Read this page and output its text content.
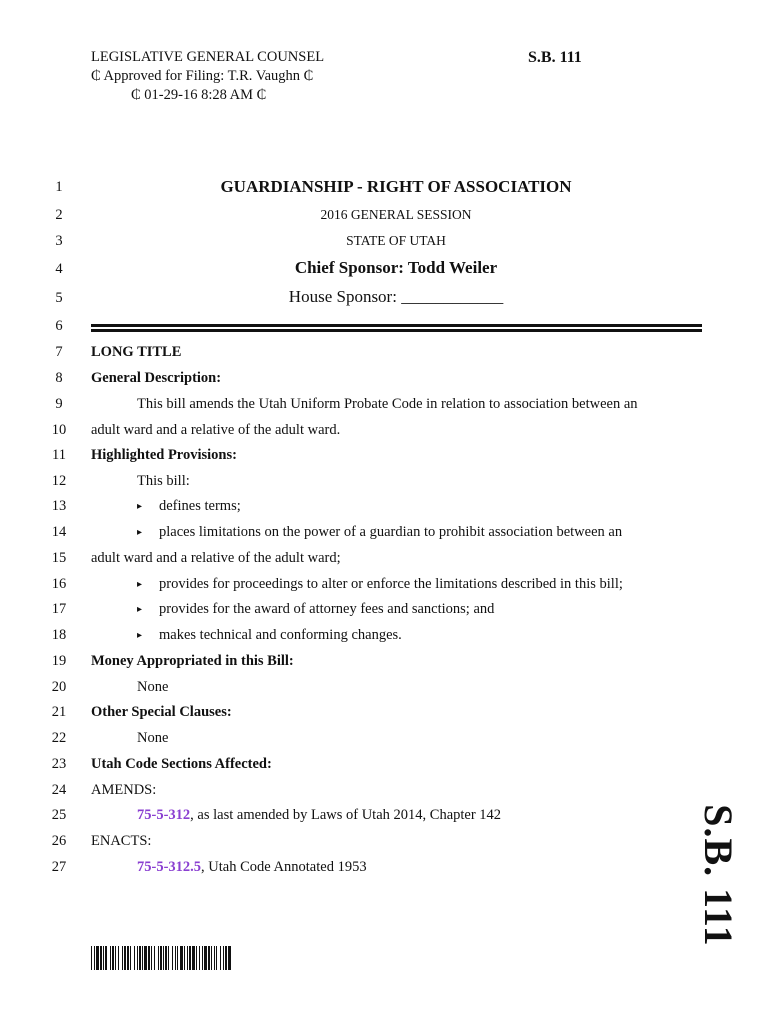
LEGISLATIVE GENERAL COUNSEL
₵ Approved for Filing: T.R. Vaughn ₵
₵ 01-29-16 8:28 AM ₵
S.B. 111
1
2
3
4
5
6
7
8
9
10
11
12
13
14
15
16
17
18
19
20
21
22
23
24
25
26
27
GUARDIANSHIP - RIGHT OF ASSOCIATION
2016 GENERAL SESSION
STATE OF UTAH
Chief Sponsor: Todd Weiler
House Sponsor: ____________
LONG TITLE
General Description:
This bill amends the Utah Uniform Probate Code in relation to association between an
adult ward and a relative of the adult ward.
Highlighted Provisions:
This bill:
▸ defines terms;
▸ places limitations on the power of a guardian to prohibit association between an
adult ward and a relative of the adult ward;
▸ provides for proceedings to alter or enforce the limitations described in this bill;
▸ provides for the award of attorney fees and sanctions; and
▸ makes technical and conforming changes.
Money Appropriated in this Bill:
None
Other Special Clauses:
None
Utah Code Sections Affected:
AMENDS:
75-5-312, as last amended by Laws of Utah 2014, Chapter 142
ENACTS:
75-5-312.5, Utah Code Annotated 1953	S.B. 111
